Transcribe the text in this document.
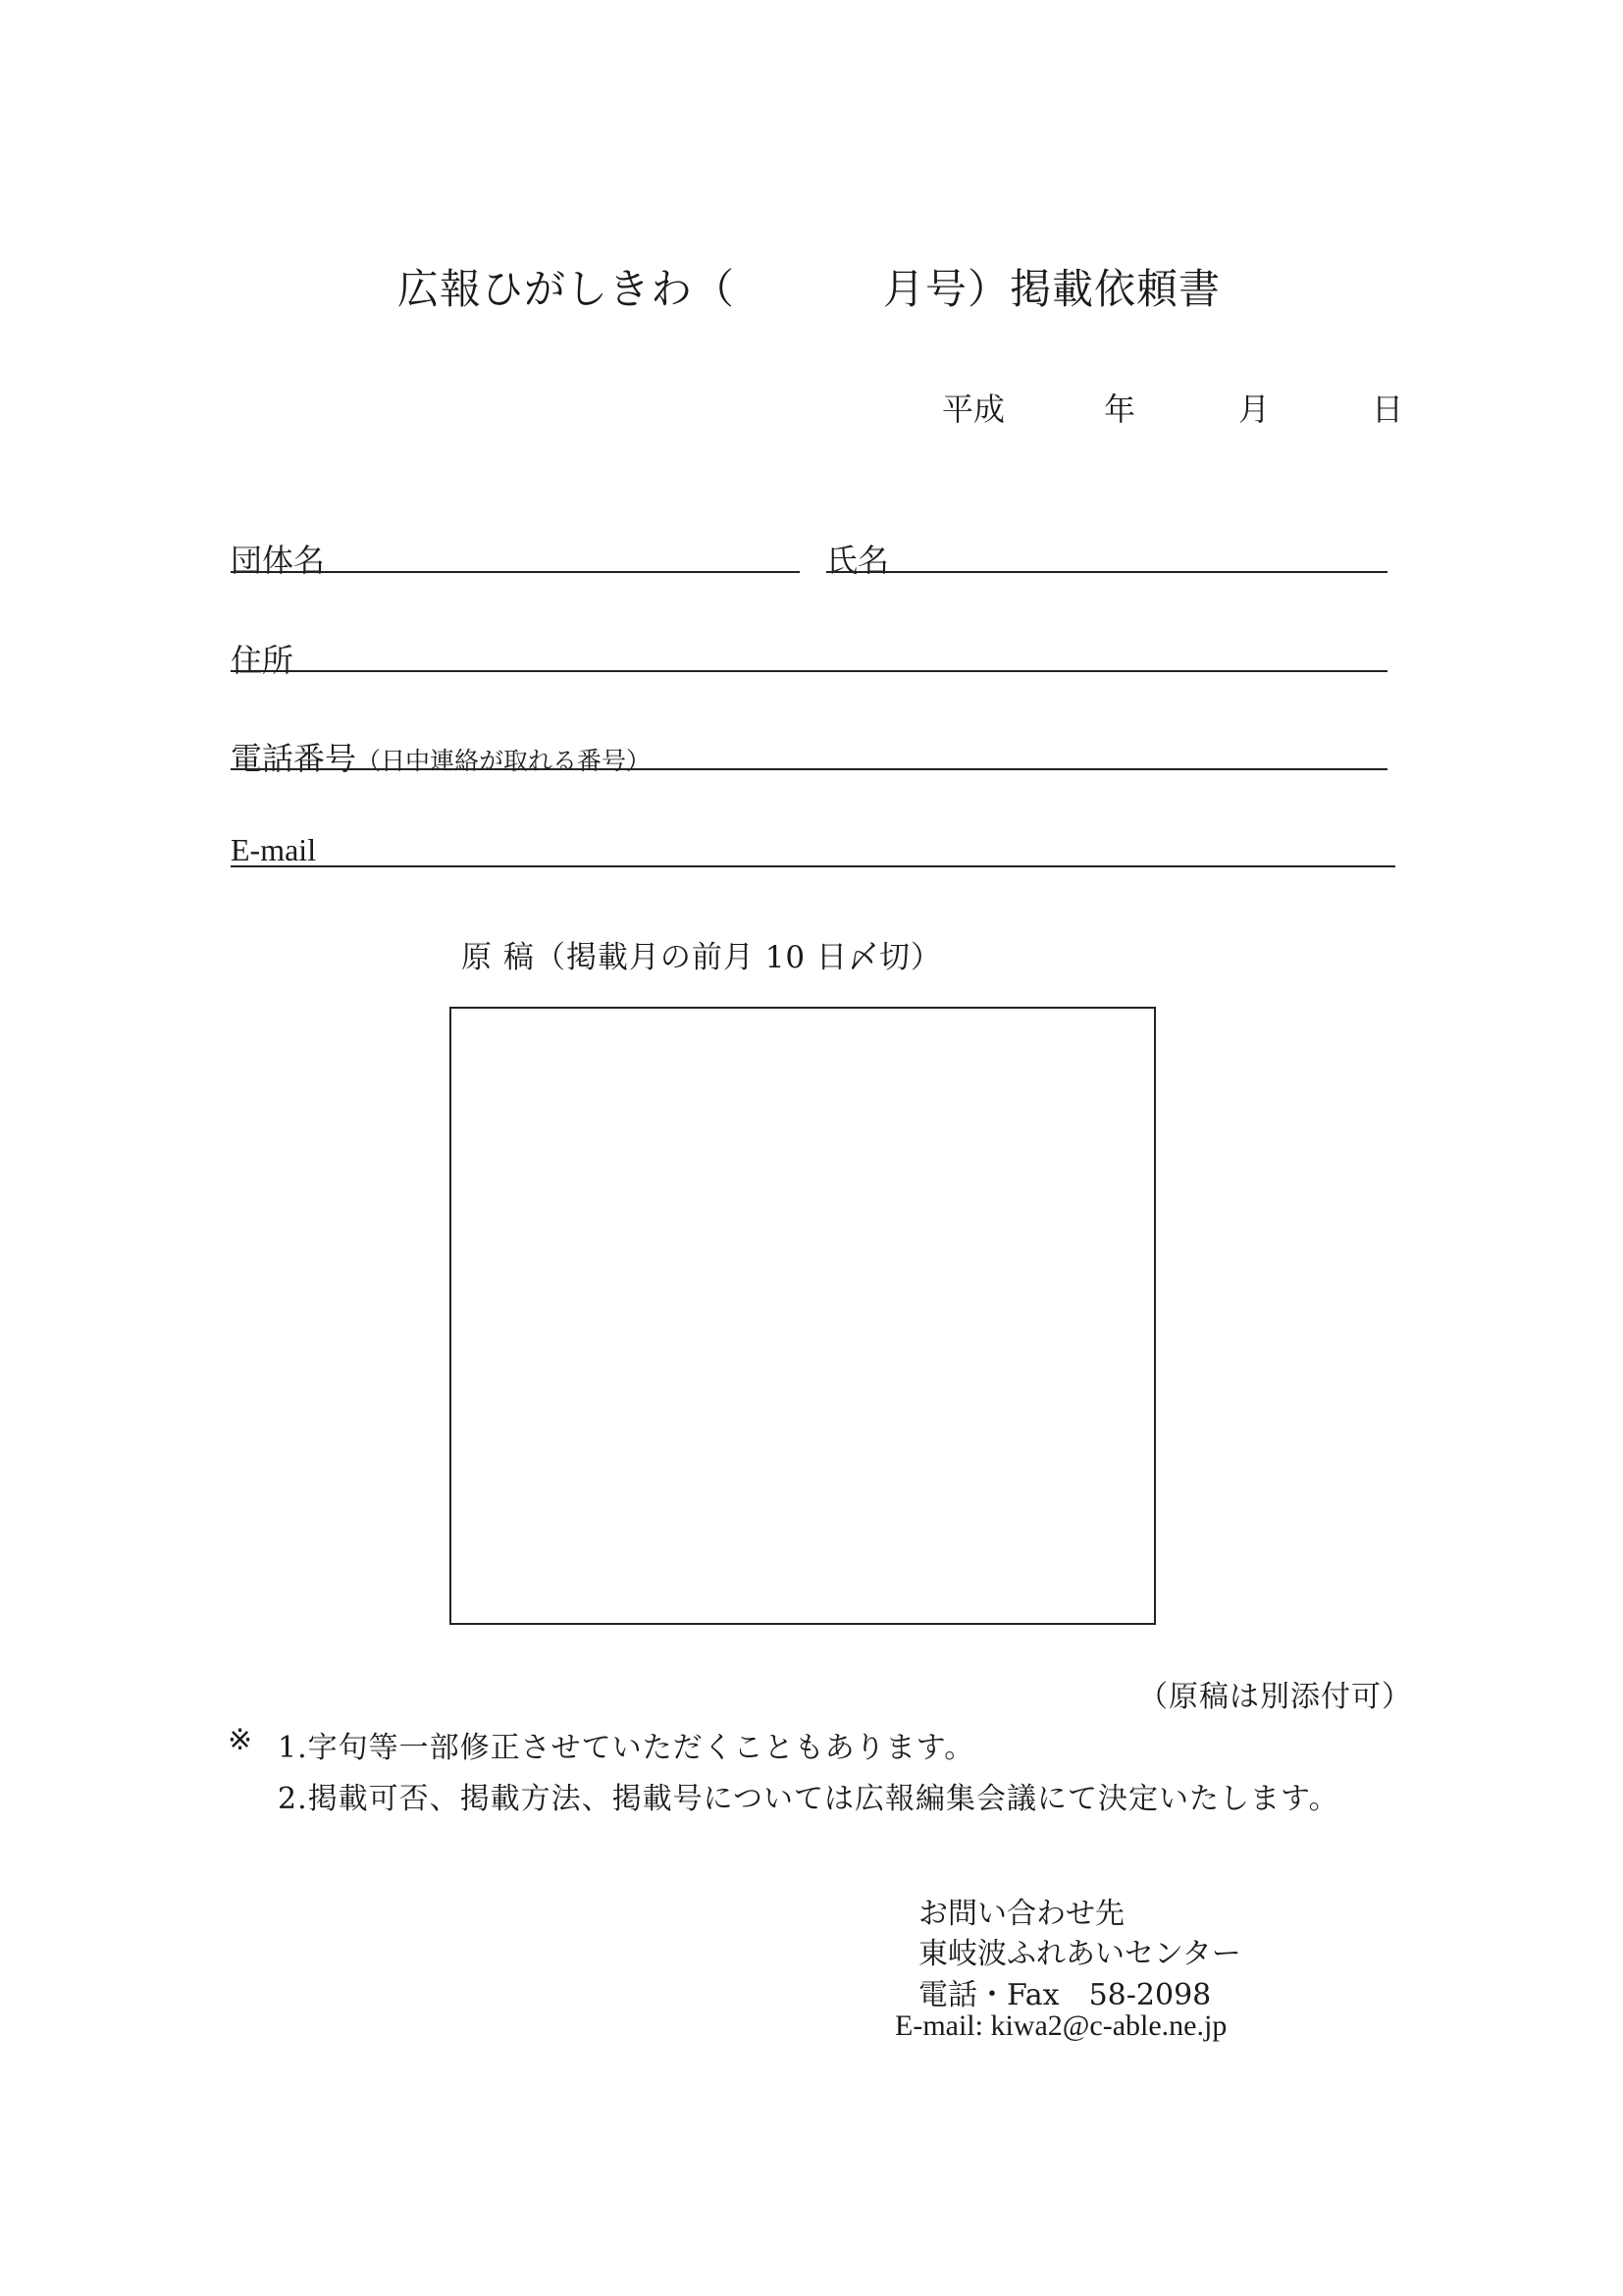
広報ひがしきわ（	月号）掲載依頼書
平成	年	月	日
団体名	氏名
住所
電話番号（日中連絡が取れる番号）
E-mail
原 稿（掲載月の前月 10 日〆切）
（原稿は別添付可）
※ 1.字句等一部修正させていただくこともあります。
2.掲載可否、掲載方法、掲載号については広報編集会議にて決定いたします。
お問い合わせ先
東岐波ふれあいセンター
電話・Fax　58-2098
E-mail: kiwa2@c-able.ne.jp
